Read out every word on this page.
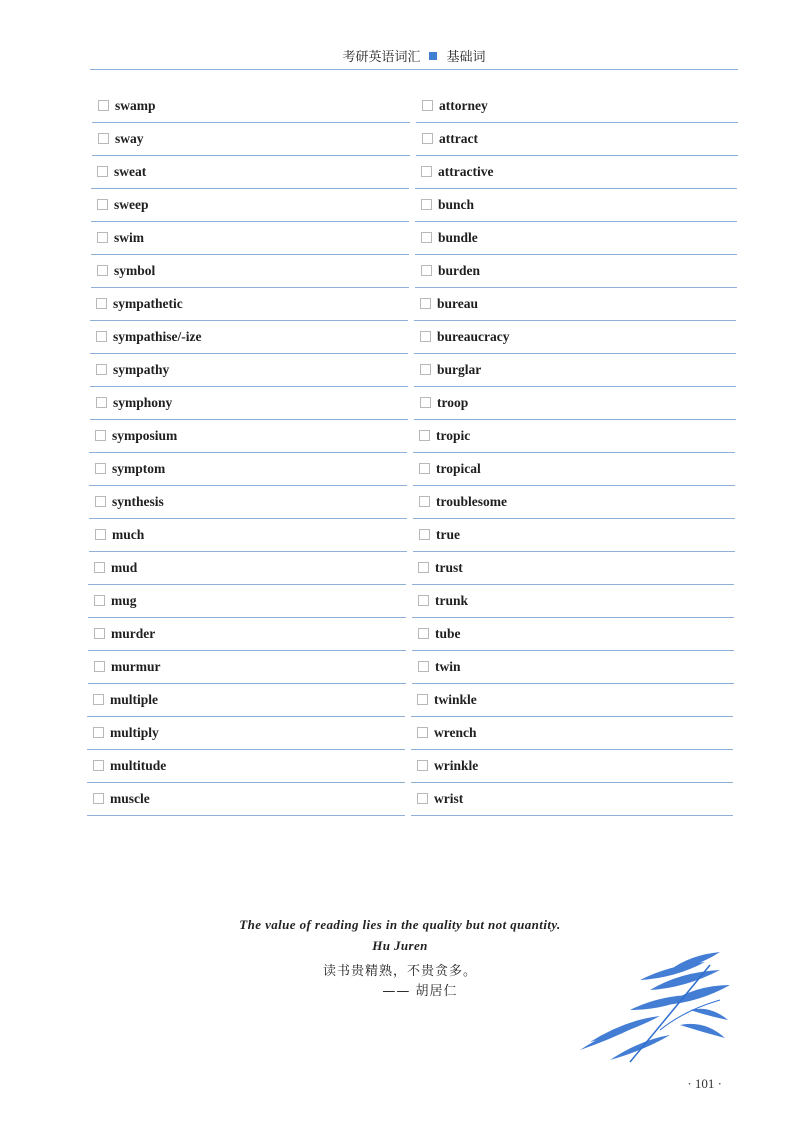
考研英语词汇 基础词
swamp	attorney
sway	attract
sweat	attractive
sweep	bunch
swim	bundle
symbol	burden
sympathetic	bureau
sympathise/-ize	bureaucracy
sympathy	burglar
symphony	troop
symposium	tropic
symptom	tropical
synthesis	troublesome
much	true
mud	trust
mug	trunk
murder	tube
murmur	twin
multiple	twinkle
multiply	wrench
multitude	wrinkle
muscle	wrist
The value of reading lies in the quality but not quantity.
Hu Juren
读书贵精熟，不贵贪多。
—— 胡居仁
· 101 ·
